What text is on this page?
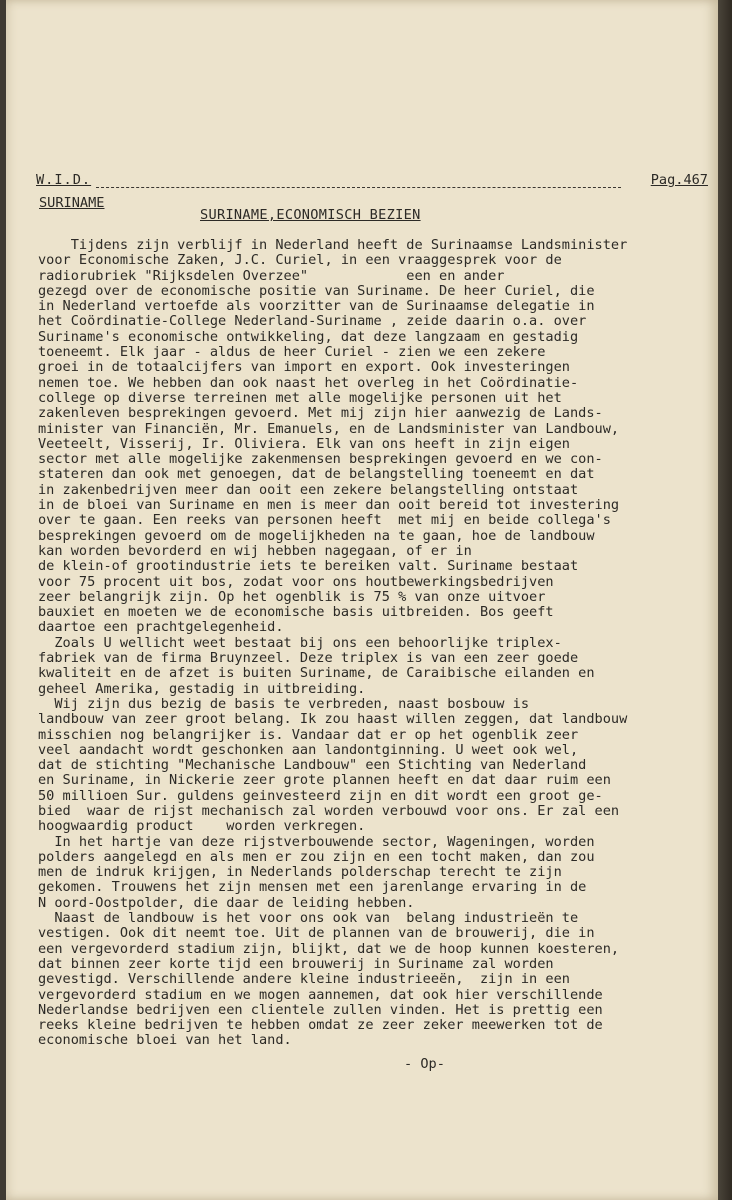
W.I.D.	Pag.467
SURINAME
SURINAME,ECONOMISCH BEZIEN
Tijdens zijn verblijf in Nederland heeft de Surinaamse Landsminister
voor Economische Zaken, J.C. Curiel, in een vraaggesprek voor de
radiorubriek "Rijksdelen Overzee"            een en ander
gezegd over de economische positie van Suriname. De heer Curiel, die
in Nederland vertoefde als voorzitter van de Surinaamse delegatie in
het Coördinatie-College Nederland-Suriname , zeide daarin o.a. over
Suriname's economische ontwikkeling, dat deze langzaam en gestadig
toeneemt. Elk jaar - aldus de heer Curiel - zien we een zekere
groei in de totaalcijfers van import en export. Ook investeringen
nemen toe. We hebben dan ook naast het overleg in het Coördinatie-
college op diverse terreinen met alle mogelijke personen uit het
zakenleven besprekingen gevoerd. Met mij zijn hier aanwezig de Lands-
minister van Financiën, Mr. Emanuels, en de Landsminister van Landbouw,
Veeteelt, Visserij, Ir. Oliviera. Elk van ons heeft in zijn eigen
sector met alle mogelijke zakenmensen besprekingen gevoerd en we con-
stateren dan ook met genoegen, dat de belangstelling toeneemt en dat
in zakenbedrijven meer dan ooit een zekere belangstelling ontstaat
in de bloei van Suriname en men is meer dan ooit bereid tot investering
over te gaan. Een reeks van personen heeft  met mij en beide collega's
besprekingen gevoerd om de mogelijkheden na te gaan, hoe de landbouw
kan worden bevorderd en wij hebben nagegaan, of er in
de klein-of grootindustrie iets te bereiken valt. Suriname bestaat
voor 75 procent uit bos, zodat voor ons houtbewerkingsbedrijven
zeer belangrijk zijn. Op het ogenblik is 75 % van onze uitvoer
bauxiet en moeten we de economische basis uitbreiden. Bos geeft
daartoe een prachtgelegenheid.
Zoals U wellicht weet bestaat bij ons een behoorlijke triplex-
fabriek van de firma Bruynzeel. Deze triplex is van een zeer goede
kwaliteit en de afzet is buiten Suriname, de Caraibische eilanden en
geheel Amerika, gestadig in uitbreiding.
Wij zijn dus bezig de basis te verbreden, naast bosbouw is
landbouw van zeer groot belang. Ik zou haast willen zeggen, dat landbouw
misschien nog belangrijker is. Vandaar dat er op het ogenblik zeer
veel aandacht wordt geschonken aan landontginning. U weet ook wel,
dat de stichting "Mechanische Landbouw" een Stichting van Nederland
en Suriname, in Nickerie zeer grote plannen heeft en dat daar ruim een
50 millioen Sur. guldens geinvesteerd zijn en dit wordt een groot ge-
bied  waar de rijst mechanisch zal worden verbouwd voor ons. Er zal een
hoogwaardig product    worden verkregen.
In het hartje van deze rijstverbouwende sector, Wageningen, worden
polders aangelegd en als men er zou zijn en een tocht maken, dan zou
men de indruk krijgen, in Nederlands polderschap terecht te zijn
gekomen. Trouwens het zijn mensen met een jarenlange ervaring in de
N oord-Oostpolder, die daar de leiding hebben.
Naast de landbouw is het voor ons ook van  belang industrieën te
vestigen. Ook dit neemt toe. Uit de plannen van de brouwerij, die in
een vergevorderd stadium zijn, blijkt, dat we de hoop kunnen koesteren,
dat binnen zeer korte tijd een brouwerij in Suriname zal worden
gevestigd. Verschillende andere kleine industrieeën,  zijn in een
vergevorderd stadium en we mogen aannemen, dat ook hier verschillende
Nederlandse bedrijven een clientele zullen vinden. Het is prettig een
reeks kleine bedrijven te hebben omdat ze zeer zeker meewerken tot de
economische bloei van het land.
- Op-
